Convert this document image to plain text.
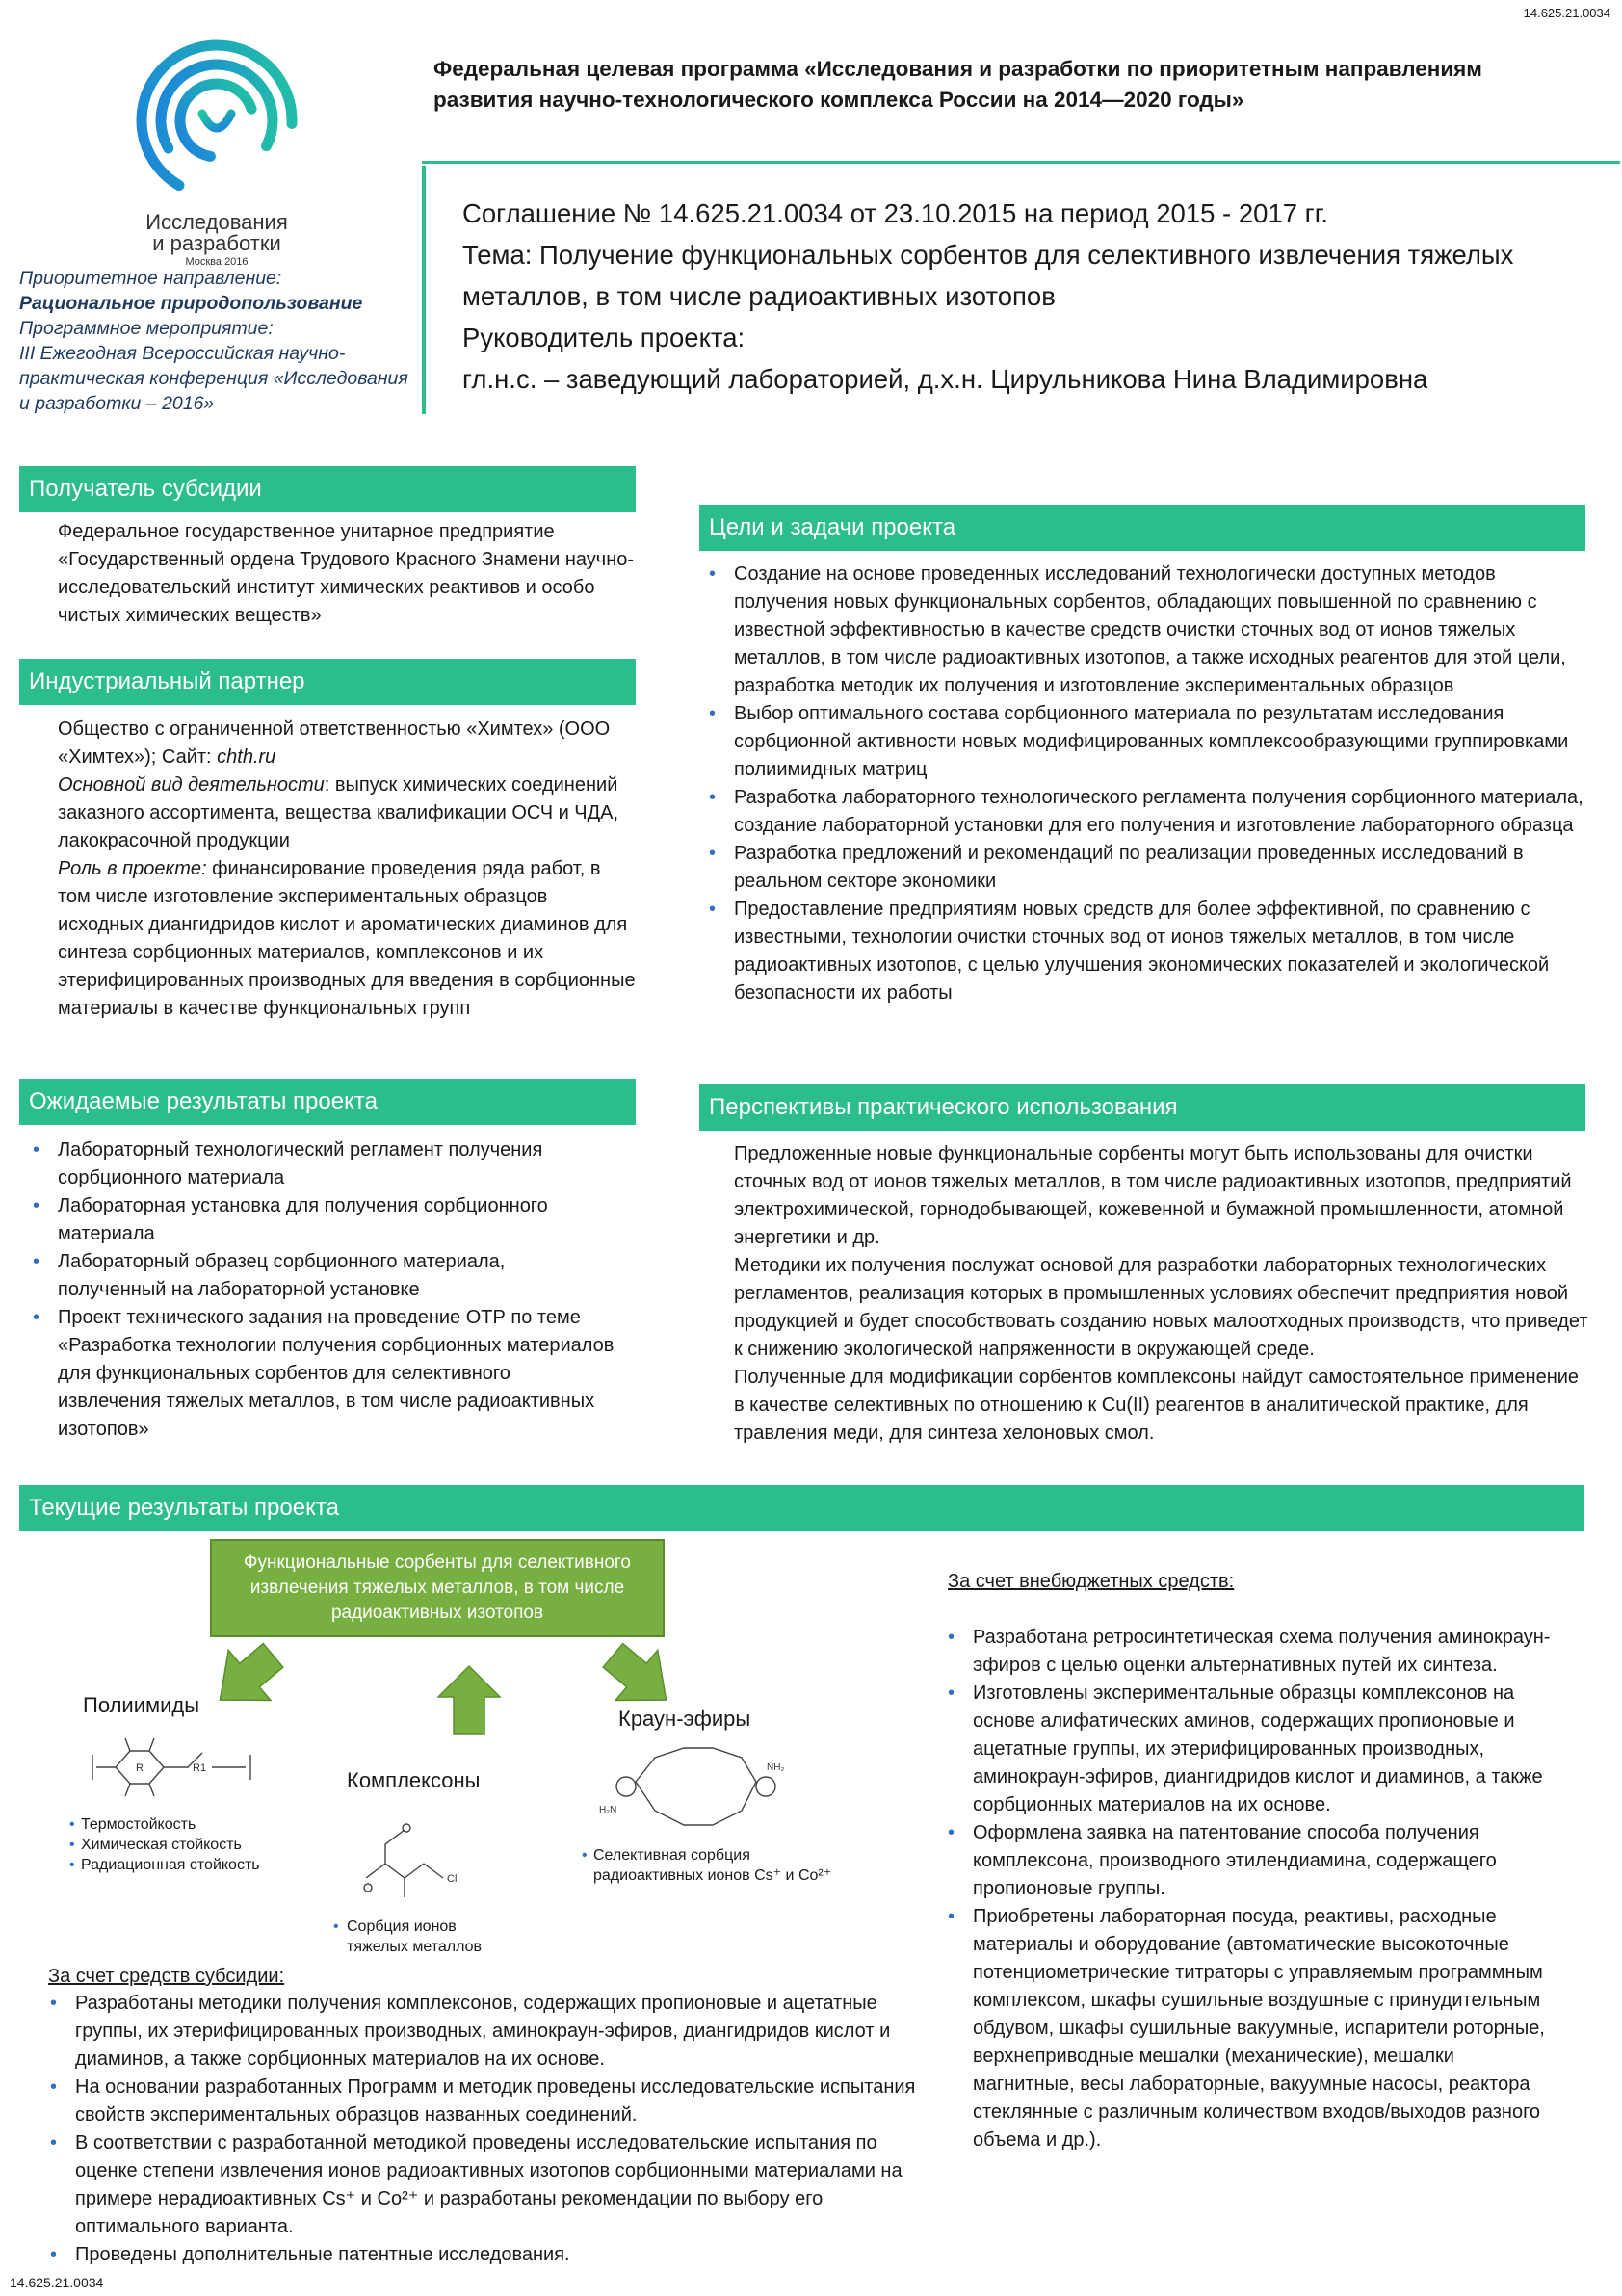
14.625.21.0034
Исследования
и разработки
Москва 2016
Федеральная целевая программа «Исследования и разработки по приоритетным направлениям развития научно-технологического комплекса России на 2014—2020 годы»
Соглашение № 14.625.21.0034 от 23.10.2015 на период 2015 - 2017 гг.
Тема: Получение функциональных сорбентов для селективного извлечения тяжелых
металлов, в том числе радиоактивных изотопов
Руководитель проекта:
гл.н.с. – заведующий лабораторией, д.х.н. Цирульникова Нина Владимировна
Приоритетное направление:
Рациональное природопользование
Программное мероприятие:
III Ежегодная Всероссийская научно-практическая конференция «Исследования и разработки – 2016»
Получатель субсидии
Федеральное государственное унитарное предприятие «Государственный ордена Трудового Красного Знамени научно-исследовательский институт химических реактивов и особо чистых химических веществ»
Индустриальный партнер
Общество с ограниченной ответственностью «Химтех» (ООО «Химтех»); Сайт: chth.ru
Основной вид деятельности: выпуск химических соединений заказного ассортимента, вещества квалификации ОСЧ и ЧДА, лакокрасочной продукции
Роль в проекте: финансирование проведения ряда работ, в том числе изготовление экспериментальных образцов исходных диангидридов кислот и ароматических диаминов для синтеза сорбционных материалов, комплексонов и их этерифицированных производных для введения в сорбционные материалы в качестве функциональных групп
Ожидаемые результаты проекта
• Лабораторный технологический регламент получения сорбционного материала
• Лабораторная установка для получения сорбционного материала
• Лабораторный образец сорбционного материала, полученный на лабораторной установке
• Проект технического задания на проведение ОТР по теме «Разработка технологии получения сорбционных материалов для функциональных сорбентов для селективного извлечения тяжелых металлов, в том числе радиоактивных изотопов»
Цели и задачи проекта
• Создание на основе проведенных исследований технологически доступных методов получения новых функциональных сорбентов, обладающих повышенной по сравнению с известной эффективностью в качестве средств очистки сточных вод от ионов тяжелых металлов, в том числе радиоактивных изотопов, а также исходных реагентов для этой цели, разработка методик их получения и изготовление экспериментальных образцов
• Выбор оптимального состава сорбционного материала по результатам исследования сорбционной активности новых модифицированных комплексообразующими группировками полиимидных матриц
• Разработка лабораторного технологического регламента получения сорбционного материала, создание лабораторной установки для его получения и изготовление лабораторного образца
• Разработка предложений и рекомендаций по реализации проведенных исследований в реальном секторе экономики
• Предоставление предприятиям новых средств для более эффективной, по сравнению с известными, технологии очистки сточных вод от ионов тяжелых металлов, в том числе радиоактивных изотопов, с целью улучшения экономических показателей и экологической безопасности их работы
Перспективы практического использования
Предложенные новые функциональные сорбенты могут быть использованы для очистки сточных вод от ионов тяжелых металлов, в том числе радиоактивных изотопов, предприятий электрохимической, горнодобывающей, кожевенной и бумажной промышленности, атомной энергетики и др.
Методики их получения послужат основой для разработки лабораторных технологических регламентов, реализация которых в промышленных условиях обеспечит предприятия новой продукцией и будет способствовать созданию новых малоотходных производств, что приведет к снижению экологической напряженности в окружающей среде.
Полученные для модификации сорбентов комплексоны найдут самостоятельное применение в качестве селективных по отношению к Cu(II) реагентов в аналитической практике, для травления меди, для синтеза хелоновых смол.
Текущие результаты проекта
Функциональные сорбенты для селективного извлечения тяжелых металлов, в том числе радиоактивных изотопов
Полиимиды
R	R1
• Термостойкость
• Химическая стойкость
• Радиационная стойкость
Комплексоны
Cl
• Сорбция ионов тяжелых металлов
Краун-эфиры
H₂N
NH₂
• Селективная сорбция радиоактивных ионов Cs⁺ и Co²⁺
За счет средств субсидии:
• Разработаны методики получения комплексонов, содержащих пропионовые и ацетатные группы, их этерифицированных производных, аминокраун-эфиров, диангидридов кислот и диаминов, а также сорбционных материалов на их основе.
• На основании разработанных Программ и методик проведены исследовательские испытания свойств экспериментальных образцов названных соединений.
• В соответствии с разработанной методикой проведены исследовательские испытания по оценке степени извлечения ионов радиоактивных изотопов сорбционными материалами на примере нерадиоактивных Cs⁺ и Co²⁺ и разработаны рекомендации по выбору его оптимального варианта.
• Проведены дополнительные патентные исследования.
За счет внебюджетных средств:
• Разработана ретросинтетическая схема получения аминокраун-эфиров с целью оценки альтернативных путей их синтеза.
• Изготовлены экспериментальные образцы комплексонов на основе алифатических аминов, содержащих пропионовые и ацетатные группы, их этерифицированных производных, аминокраун-эфиров, диангидридов кислот и диаминов, а также сорбционных материалов на их основе.
• Оформлена заявка на патентование способа получения комплексона, производного этилендиамина, содержащего пропионовые группы.
• Приобретены лабораторная посуда, реактивы, расходные материалы и оборудование (автоматические высокоточные потенциометрические титраторы с управляемым программным комплексом, шкафы сушильные воздушные с принудительным обдувом, шкафы сушильные вакуумные, испарители роторные, верхнеприводные мешалки (механические), мешалки магнитные, весы лабораторные, вакуумные насосы, реактора стеклянные с различным количеством входов/выходов разного объема и др.).
14.625.21.0034
